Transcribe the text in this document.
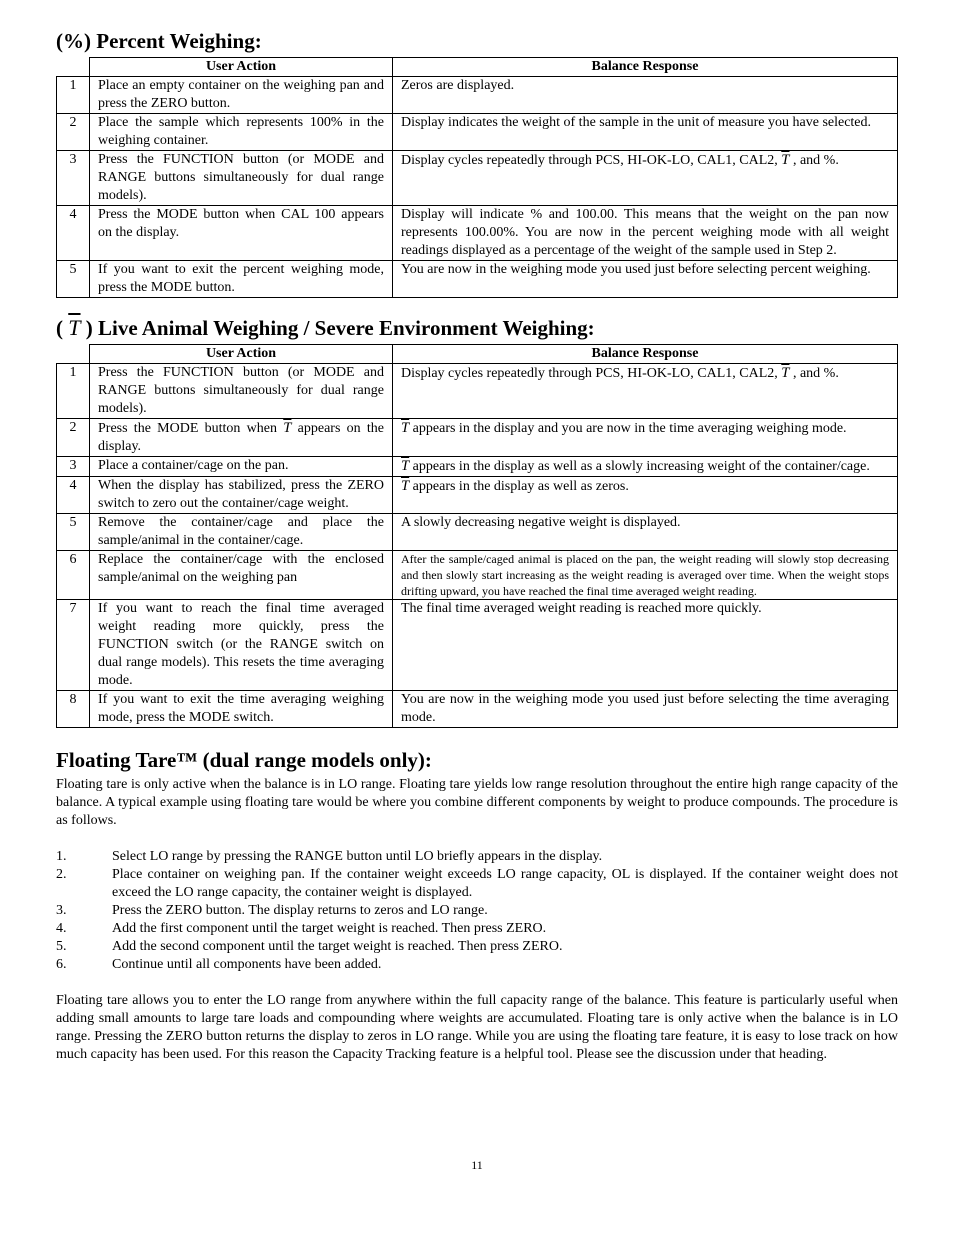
(%) Percent Weighing:
	User Action	Balance Response
1	Place an empty container on the weighing pan and press the ZERO button.	Zeros are displayed.
2	Place the sample which represents 100% in the weighing container.	Display indicates the weight of the sample in the unit of measure you have selected.
3	Press the FUNCTION button (or MODE and RANGE buttons simultaneously for dual range models).	Display cycles repeatedly through PCS, HI-OK-LO, CAL1, CAL2, $\overline{T}$ , and %.
4	Press the MODE button when CAL 100 appears on the display.	Display will indicate % and 100.00. This means that the weight on the pan now represents 100.00%. You are now in the percent weighing mode with all weight readings displayed as a percentage of the weight of the sample used in Step 2.
5	If you want to exit the percent weighing mode, press the MODE button.	You are now in the weighing mode you used just before selecting percent weighing.
( T ) Live Animal Weighing / Severe Environment Weighing:
	User Action	Balance Response
1	Press the FUNCTION button (or MODE and RANGE buttons simultaneously for dual range models).	Display cycles repeatedly through PCS, HI-OK-LO, CAL1, CAL2, $\overline{T}$ , and %.
2	Press the MODE button when $\overline{T}$ appears on the display.	$\overline{T}$ appears in the display and you are now in the time averaging weighing mode.
3	Place a container/cage on the pan.	$\overline{T}$ appears in the display as well as a slowly increasing weight of the container/cage.
4	When the display has stabilized, press the ZERO switch to zero out the container/cage weight.	$\overline{T}$ appears in the display as well as zeros.
5	Remove the container/cage and place the sample/animal in the container/cage.	A slowly decreasing negative weight is displayed.
6	Replace the container/cage with the enclosed sample/animal on the weighing pan	After the sample/caged animal is placed on the pan, the weight reading will slowly stop decreasing and then slowly start increasing as the weight reading is averaged over time. When the weight stops drifting upward, you have reached the final time averaged weight reading.
7	If you want to reach the final time averaged weight reading more quickly, press the FUNCTION switch (or the RANGE switch on dual range models). This resets the time averaging mode.	The final time averaged weight reading is reached more quickly.
8	If you want to exit the time averaging weighing mode, press the MODE switch.	You are now in the weighing mode you used just before selecting the time averaging mode.
Floating Tare™ (dual range models only):

Floating tare is only active when the balance is in LO range. Floating tare yields low range resolution throughout the entire high range capacity of the balance. A typical example using floating tare would be where you combine different components by weight to produce compounds. The procedure is as follows.

1.	Select LO range by pressing the RANGE button until LO briefly appears in the display.
2.	Place container on weighing pan. If the container weight exceeds LO range capacity, OL is displayed. If the container weight does not exceed the LO range capacity, the container weight is displayed.
3.	Press the ZERO button. The display returns to zeros and LO range.
4.	Add the first component until the target weight is reached. Then press ZERO.
5.	Add the second component until the target weight is reached. Then press ZERO.
6.	Continue until all components have been added.

Floating tare allows you to enter the LO range from anywhere within the full capacity range of the balance. This feature is particularly useful when adding small amounts to large tare loads and compounding where weights are accumulated. Floating tare is only active when the balance is in LO range. Pressing the ZERO button returns the display to zeros in LO range. While you are using the floating tare feature, it is easy to lose track on how much capacity has been used. For this reason the Capacity Tracking feature is a helpful tool. Please see the discussion under that heading.

11
